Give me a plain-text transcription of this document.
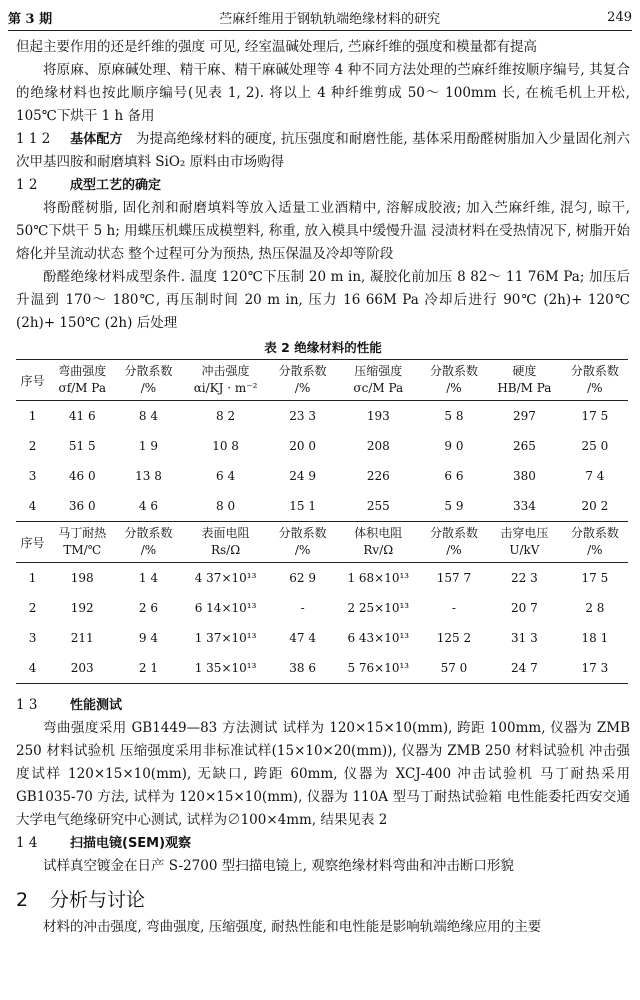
第 3 期	苎麻纤维用于钢轨轨端绝缘材料的研究	249

但起主要作用的还是纤维的强度 可见, 经室温碱处理后, 苎麻纤维的强度和模量都有提高

将原麻、原麻碱处理、精干麻、精干麻碱处理等 4 种不同方法处理的苎麻纤维按顺序编号, 其复合的绝缘材料也按此顺序编号(见表 1, 2). 将以上 4 种纤维剪成 50～ 100mm 长, 在梳毛机上开松, 105℃下烘干 1 h 备用

1 1 2 基体配方 为提高绝缘材料的硬度, 抗压强度和耐磨性能, 基体采用酚醛树脂加入少量固化剂六次甲基四胺和耐磨填料 SiO₂ 原料由市场购得

1 2	成型工艺的确定

将酚醛树脂, 固化剂和耐磨填料等放入适量工业酒精中, 溶解成胶液; 加入苎麻纤维, 混匀, 晾干, 50℃下烘干 5 h; 用蝶压机蝶压成模塑料, 称重, 放入模具中缓慢升温 浸渍材料在受热情况下, 树脂开始熔化并呈流动状态 整个过程可分为预热, 热压保温及冷却等阶段

酚醛绝缘材料成型条件. 温度 120℃下压制 20 m in, 凝胶化前加压 8 82～ 11 76M Pa; 加压后升温到 170～ 180℃, 再压制时间 20 m in, 压力 16 66M Pa 冷却后进行 90℃ (2h)+ 120℃ (2h)+ 150℃ (2h) 后处理

表 2 绝缘材料的性能
序号	弯曲强度	分散系数	冲击强度	分散系数	压缩强度	分散系数	硬度	分散系数
	σf/M Pa	/%	αi/KJ · m⁻²	/%	σc/M Pa	/%	HB/M Pa	/%
1	41 6	8 4	8 2	23 3	193	5 8	297	17 5
2	51 5	1 9	10 8	20 0	208	9 0	265	25 0
3	46 0	13 8	6 4	24 9	226	6 6	380	7 4
4	36 0	4 6	8 0	15 1	255	5 9	334	20 2
序号	马丁耐热	分散系数	表面电阻	分散系数	体积电阻	分散系数	击穿电压	分散系数
	TM/℃	/%	Rs/Ω	/%	Rv/Ω	/%	U/kV	/%
1	198	1 4	4 37×10¹³	62 9	1 68×10¹³	157 7	22 3	17 5
2	192	2 6	6 14×10¹³	-	2 25×10¹³	-	20 7	2 8
3	211	9 4	1 37×10¹³	47 4	6 43×10¹³	125 2	31 3	18 1
4	203	2 1	1 35×10¹³	38 6	5 76×10¹³	57 0	24 7	17 3

1 3	性能测试

弯曲强度采用 GB1449—83 方法测试 试样为 120×15×10(mm), 跨距 100mm, 仪器为 ZMB 250 材料试验机 压缩强度采用非标准试样(15×10×20(mm)), 仪器为 ZMB 250 材料试验机 冲击强度试样 120×15×10(mm), 无缺口, 跨距 60mm, 仪器为 XCJ-400 冲击试验机 马丁耐热采用 GB1035-70 方法, 试样为 120×15×10(mm), 仪器为 110A 型马丁耐热试验箱 电性能委托西安交通大学电气绝缘研究中心测试, 试样为∅100×4mm, 结果见表 2

1 4	扫描电镜(SEM)观察

试样真空镀金在日产 S-2700 型扫描电镜上, 观察绝缘材料弯曲和冲击断口形貌

2 分析与讨论

材料的冲击强度, 弯曲强度, 压缩强度, 耐热性能和电性能是影响轨端绝缘应用的主要
